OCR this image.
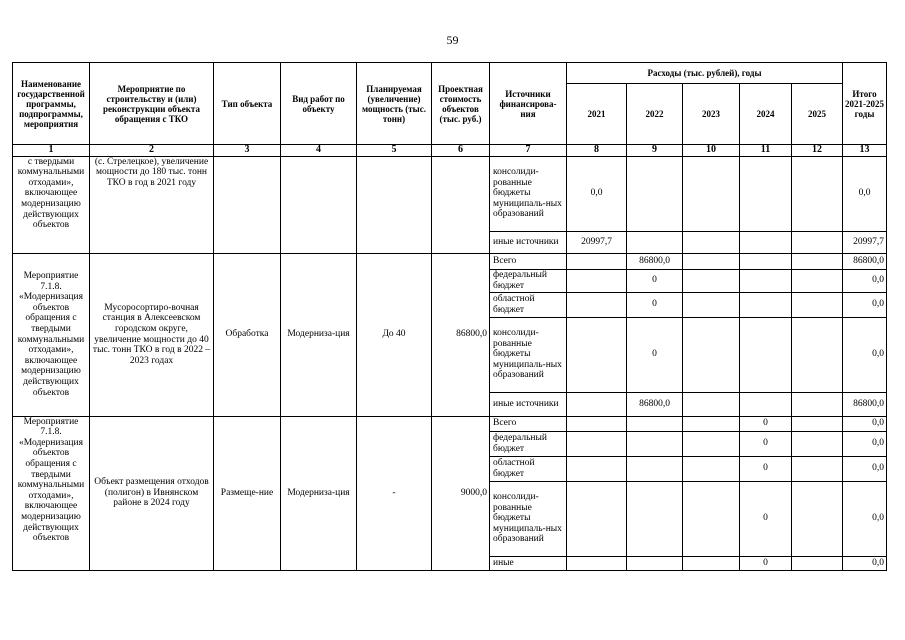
59
Наименование государственной программы, подпрограммы, мероприятия	Мероприятие по строительству и (или) реконструкции объекта обращения с ТКО	Тип объекта	Вид работ по объекту	Планируемая (увеличение) мощность (тыс. тонн)	Проектная стоимость объектов (тыс. руб.)	Источники финансирова-ния	Расходы (тыс. рублей), годы					Итого 2021-2025 годы
							2021	2022	2023	2024	2025	
1	2	3	4	5	6	7	8	9	10	11	12	13
с твердыми коммунальными отходами», включающее модернизацию действующих объектов	(с. Стрелецкое), увеличение мощности до 180 тыс. тонн ТКО в год в 2021 году					консолиди-рованные бюджеты муниципаль-ных образований	0,0					0,0
						иные источники	20997,7					20997,7
Мероприятие 7.1.8. «Модернизация объектов обращения с твердыми коммунальными отходами», включающее модернизацию действующих объектов	Мусоросортиро-вочная станция в Алексеевском городском округе, увеличение мощности до 40 тыс. тонн ТКО в год в 2022 – 2023 годах	Обработка	Модерниза-ция	До 40	86800,0	Всего		86800,0				86800,0
						федеральный бюджет		0				0,0
						областной бюджет		0				0,0
						консолиди-рованные бюджеты муниципаль-ных образований		0				0,0
						иные источники		86800,0				86800,0
Мероприятие 7.1.8. «Модернизация объектов обращения с твердыми коммунальными отходами», включающее модернизацию действующих объектов	Объект размещения отходов (полигон) в Ивнянском районе в 2024 году	Размеще-ние	Модерниза-ция	-	9000,0	Всего				0		0,0
						федеральный бюджет				0		0,0
						областной бюджет				0		0,0
						консолиди-рованные бюджеты муниципаль-ных образований				0		0,0
						иные				0		0,0
